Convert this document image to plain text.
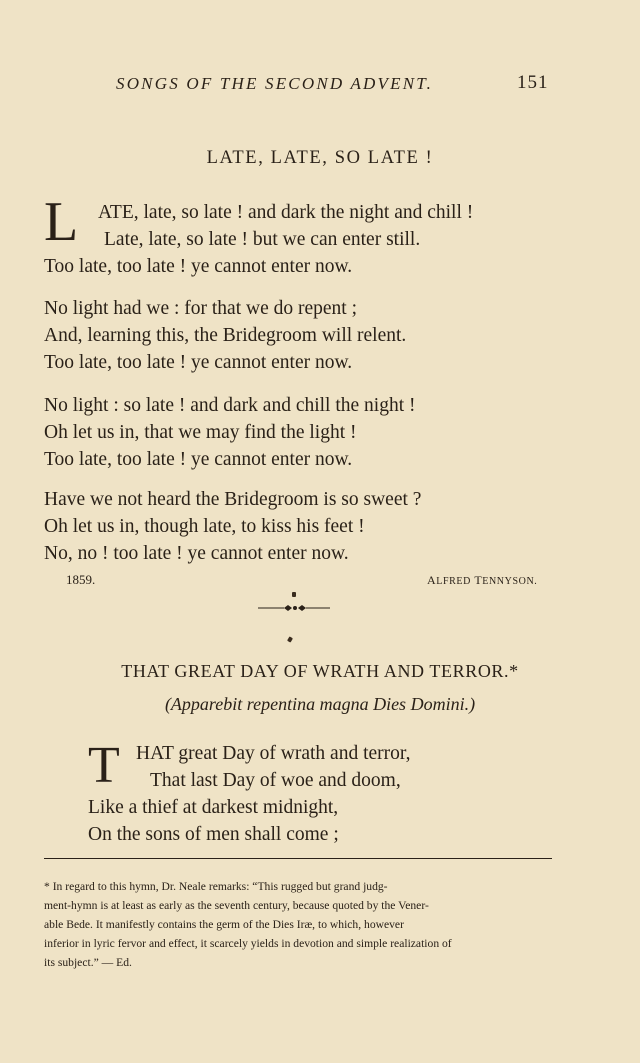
SONGS OF THE SECOND ADVENT.	151
LATE, LATE, SO LATE !
L ATE, late, so late ! and dark the night and chill !
Late, late, so late ! but we can enter still.
Too late, too late ! ye cannot enter now.
No light had we : for that we do repent ;
And, learning this, the Bridegroom will relent.
Too late, too late ! ye cannot enter now.
No light : so late ! and dark and chill the night !
Oh let us in, that we may find the light !
Too late, too late ! ye cannot enter now.
Have we not heard the Bridegroom is so sweet ?
Oh let us in, though late, to kiss his feet !
No, no ! too late ! ye cannot enter now.
1859.	ALFRED TENNYSON.
THAT GREAT DAY OF WRATH AND TERROR.*
(Apparebit repentina magna Dies Domini.)
T HAT great Day of wrath and terror,
That last Day of woe and doom,
Like a thief at darkest midnight,
On the sons of men shall come ;
* In regard to this hymn, Dr. Neale remarks: “This rugged but grand judg-
ment-hymn is at least as early as the seventh century, because quoted by the Vener-
able Bede. It manifestly contains the germ of the Dies Iræ, to which, however
inferior in lyric fervor and effect, it scarcely yields in devotion and simple realization of
its subject.” — Ed.
